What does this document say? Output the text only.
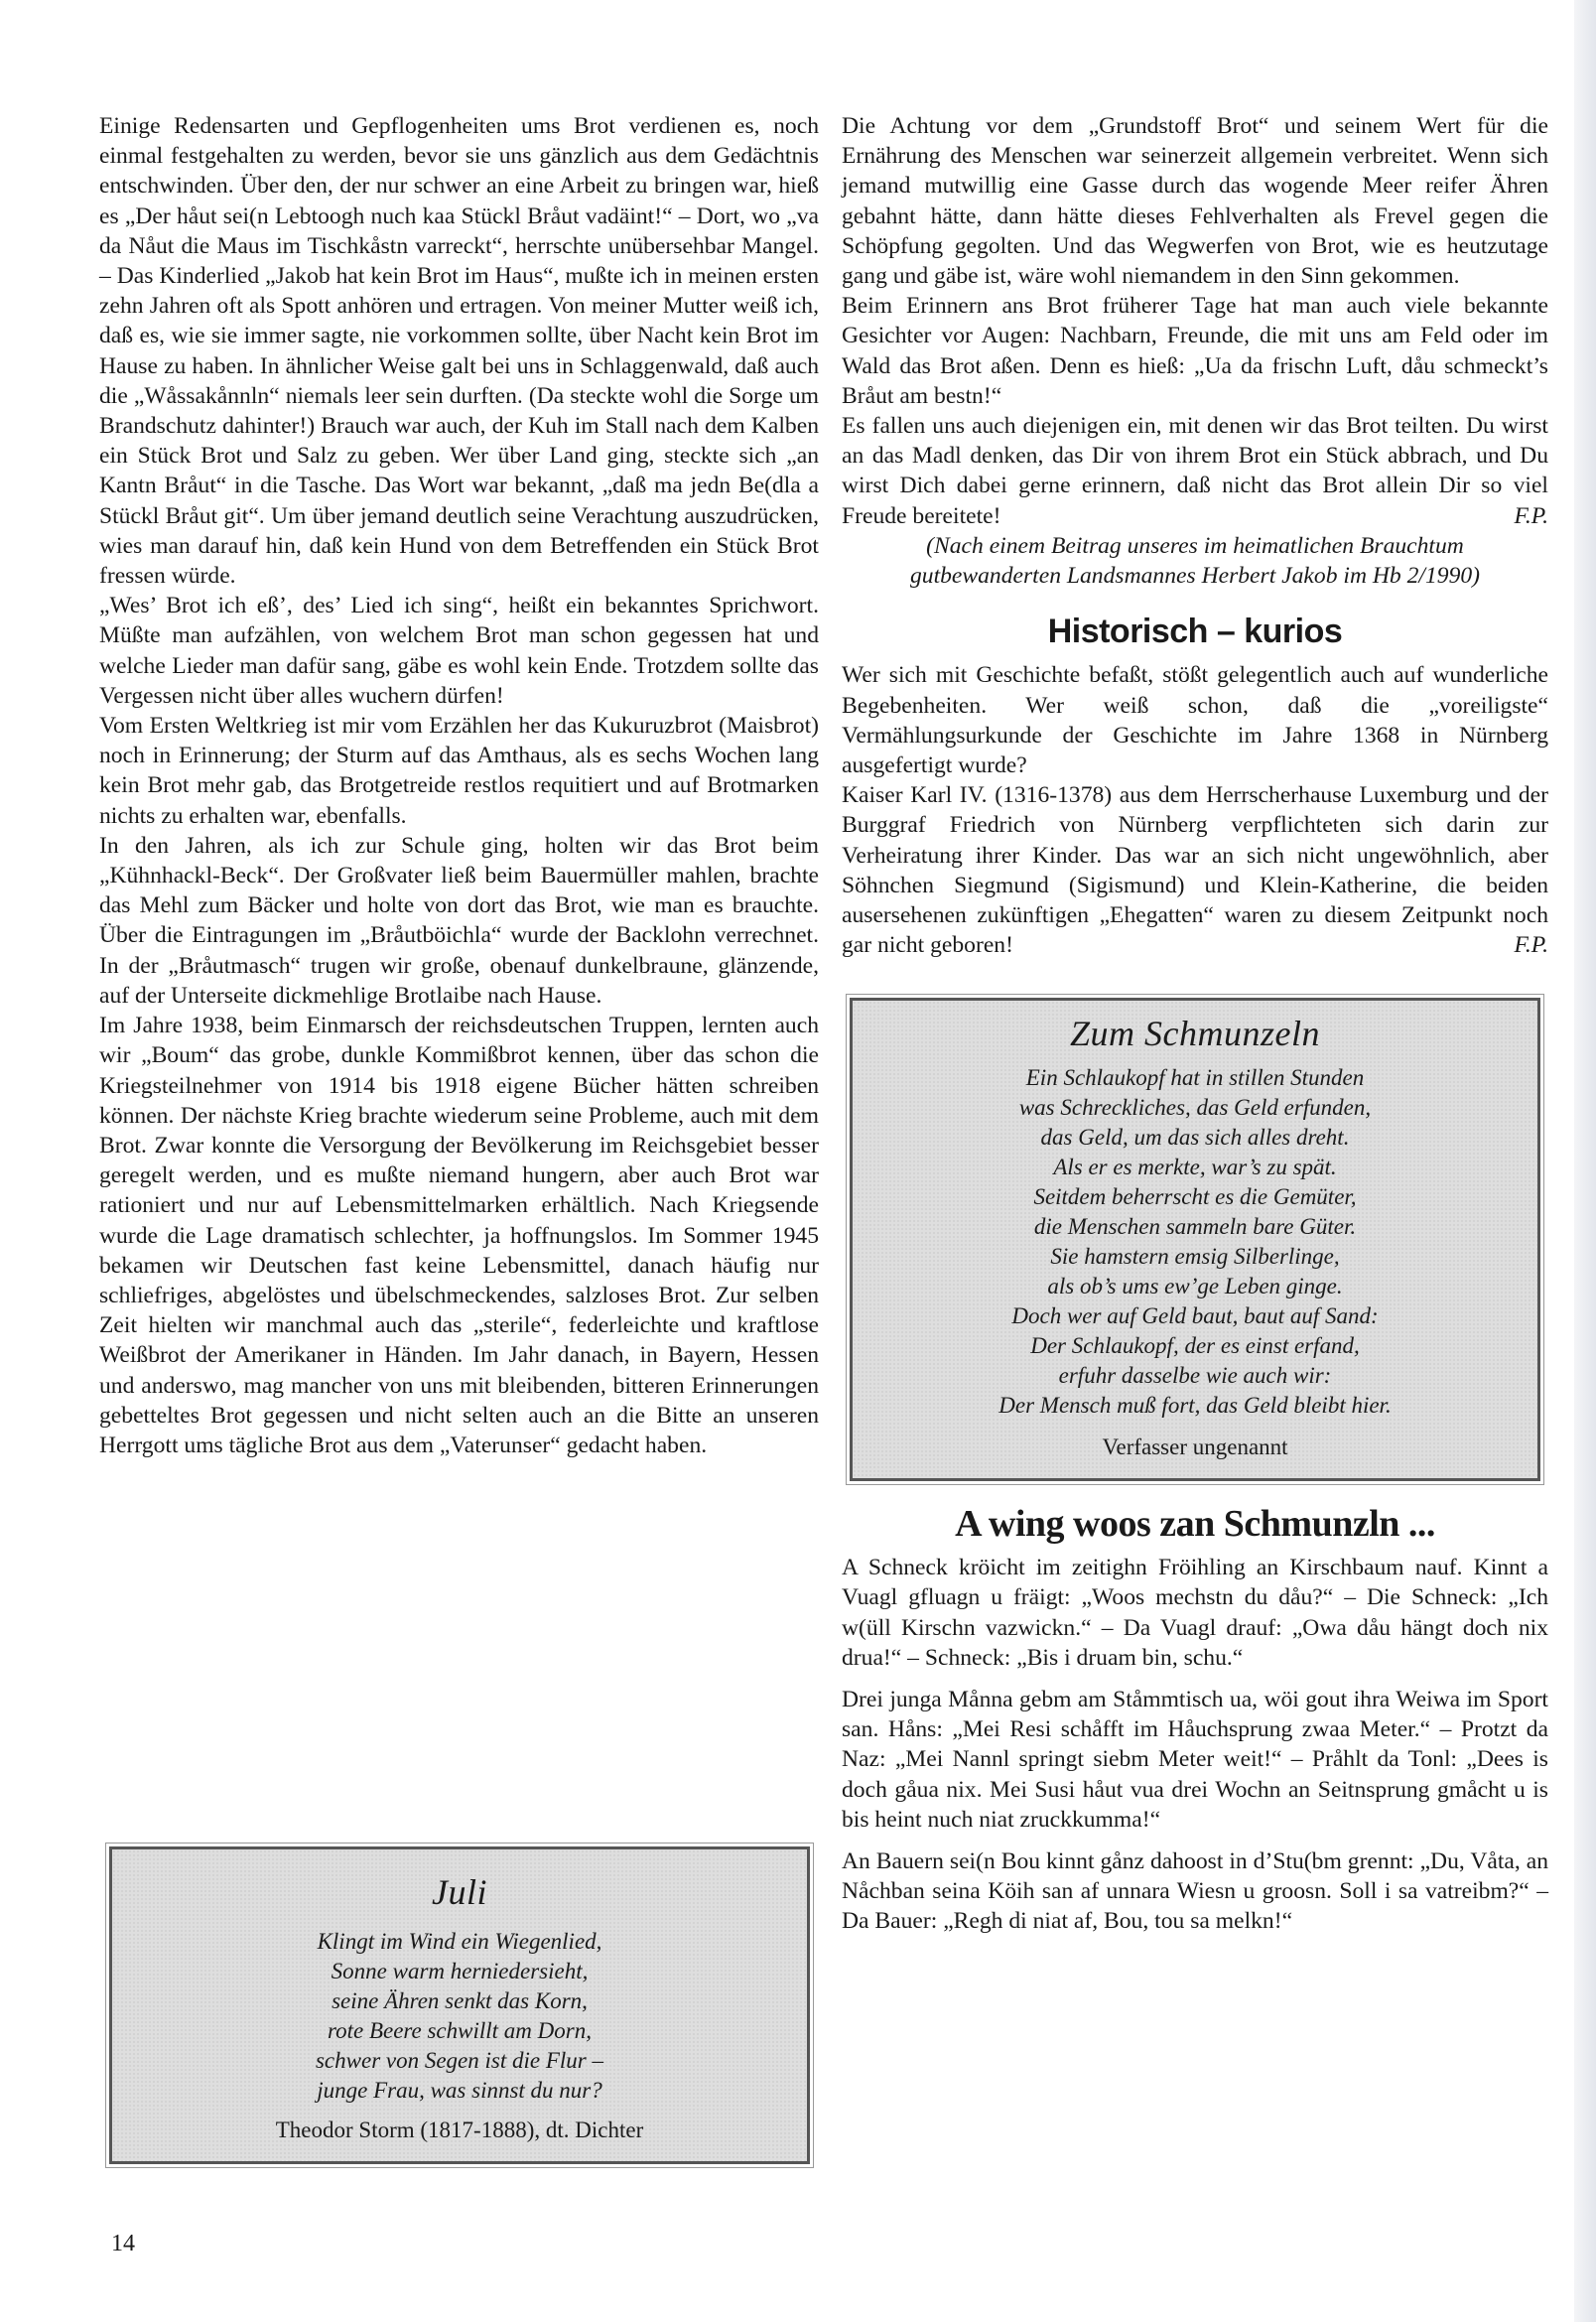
Einige Redensarten und Gepflogenheiten ums Brot verdienen es, noch einmal festgehalten zu werden, bevor sie uns gänzlich aus dem Gedächtnis entschwinden. Über den, der nur schwer an eine Arbeit zu bringen war, hieß es „Der håut sei(n Lebtoogh nuch kaa Stückl Bråut vadäint!“ – Dort, wo „va da Nåut die Maus im Tischkåstn varreckt“, herrschte unübersehbar Mangel. – Das Kinderlied „Jakob hat kein Brot im Haus“, mußte ich in meinen ersten zehn Jahren oft als Spott anhören und ertragen. Von meiner Mutter weiß ich, daß es, wie sie immer sagte, nie vorkommen sollte, über Nacht kein Brot im Hause zu haben. In ähnlicher Weise galt bei uns in Schlaggenwald, daß auch die „Wåssakånnln“ niemals leer sein durften. (Da steckte wohl die Sorge um Brandschutz dahinter!) Brauch war auch, der Kuh im Stall nach dem Kalben ein Stück Brot und Salz zu geben. Wer über Land ging, steckte sich „an Kantn Bråut“ in die Tasche. Das Wort war bekannt, „daß ma jedn Be(dla a Stückl Bråut git“. Um über jemand deutlich seine Verachtung auszudrücken, wies man darauf hin, daß kein Hund von dem Betreffenden ein Stück Brot fressen würde.

„Wes’ Brot ich eß’, des’ Lied ich sing“, heißt ein bekanntes Sprichwort. Müßte man aufzählen, von welchem Brot man schon gegessen hat und welche Lieder man dafür sang, gäbe es wohl kein Ende. Trotzdem sollte das Vergessen nicht über alles wuchern dürfen!

Vom Ersten Weltkrieg ist mir vom Erzählen her das Kukuruzbrot (Maisbrot) noch in Erinnerung; der Sturm auf das Amthaus, als es sechs Wochen lang kein Brot mehr gab, das Brotgetreide restlos requitiert und auf Brotmarken nichts zu erhalten war, ebenfalls.

In den Jahren, als ich zur Schule ging, holten wir das Brot beim „Kühnhackl-Beck“. Der Großvater ließ beim Bauermüller mahlen, brachte das Mehl zum Bäcker und holte von dort das Brot, wie man es brauchte. Über die Eintragungen im „Bråutböichla“ wurde der Backlohn verrechnet. In der „Bråutmasch“ trugen wir große, obenauf dunkelbraune, glänzende, auf der Unterseite dickmehlige Brotlaibe nach Hause.

Im Jahre 1938, beim Einmarsch der reichsdeutschen Truppen, lernten auch wir „Boum“ das grobe, dunkle Kommißbrot kennen, über das schon die Kriegsteilnehmer von 1914 bis 1918 eigene Bücher hätten schreiben können. Der nächste Krieg brachte wiederum seine Probleme, auch mit dem Brot. Zwar konnte die Versorgung der Bevölkerung im Reichsgebiet besser geregelt werden, und es mußte niemand hungern, aber auch Brot war rationiert und nur auf Lebensmittelmarken erhältlich. Nach Kriegsende wurde die Lage dramatisch schlechter, ja hoffnungslos. Im Sommer 1945 bekamen wir Deutschen fast keine Lebensmittel, danach häufig nur schliefriges, abgelöstes und übelschmeckendes, salzloses Brot. Zur selben Zeit hielten wir manchmal auch das „sterile“, federleichte und kraftlose Weißbrot der Amerikaner in Händen. Im Jahr danach, in Bayern, Hessen und anderswo, mag mancher von uns mit bleibenden, bitteren Erinnerungen gebetteltes Brot gegessen und nicht selten auch an die Bitte an unseren Herrgott ums tägliche Brot aus dem „Vaterunser“ gedacht haben.

Juli
Klingt im Wind ein Wiegenlied,
Sonne warm herniedersieht,
seine Ähren senkt das Korn,
rote Beere schwillt am Dorn,
schwer von Segen ist die Flur –
junge Frau, was sinnst du nur?
Theodor Storm (1817-1888), dt. Dichter

Die Achtung vor dem „Grundstoff Brot“ und seinem Wert für die Ernährung des Menschen war seinerzeit allgemein verbreitet. Wenn sich jemand mutwillig eine Gasse durch das wogende Meer reifer Ähren gebahnt hätte, dann hätte dieses Fehlverhalten als Frevel gegen die Schöpfung gegolten. Und das Wegwerfen von Brot, wie es heutzutage gang und gäbe ist, wäre wohl niemandem in den Sinn gekommen.

Beim Erinnern ans Brot früherer Tage hat man auch viele bekannte Gesichter vor Augen: Nachbarn, Freunde, die mit uns am Feld oder im Wald das Brot aßen. Denn es hieß: „Ua da frischn Luft, dåu schmeckt’s Bråut am bestn!“

Es fallen uns auch diejenigen ein, mit denen wir das Brot teilten. Du wirst an das Madl denken, das Dir von ihrem Brot ein Stück abbrach, und Du wirst Dich dabei gerne erinnern, daß nicht das Brot allein Dir so viel Freude bereitete!	F.P.

(Nach einem Beitrag unseres im heimatlichen Brauchtum

gutbewanderten Landsmannes Herbert Jakob im Hb 2/1990)

Historisch – kurios

Wer sich mit Geschichte befaßt, stößt gelegentlich auch auf wunderliche Begebenheiten. Wer weiß schon, daß die „voreiligste“ Vermählungsurkunde der Geschichte im Jahre 1368 in Nürnberg ausgefertigt wurde?

Kaiser Karl IV. (1316-1378) aus dem Herrscherhause Luxemburg und der Burggraf Friedrich von Nürnberg verpflichteten sich darin zur Verheiratung ihrer Kinder. Das war an sich nicht ungewöhnlich, aber Söhnchen Siegmund (Sigismund) und Klein-Katherine, die beiden ausersehenen zukünftigen „Ehegatten“ waren zu diesem Zeitpunkt noch gar nicht geboren!	F.P.

Zum Schmunzeln
Ein Schlaukopf hat in stillen Stunden
was Schreckliches, das Geld erfunden,
das Geld, um das sich alles dreht.
Als er es merkte, war’s zu spät.
Seitdem beherrscht es die Gemüter,
die Menschen sammeln bare Güter.
Sie hamstern emsig Silberlinge,
als ob’s ums ew’ge Leben ginge.
Doch wer auf Geld baut, baut auf Sand:
Der Schlaukopf, der es einst erfand,
erfuhr dasselbe wie auch wir:
Der Mensch muß fort, das Geld bleibt hier.
Verfasser ungenannt
A wing woos zan Schmunzln ...

A Schneck kröicht im zeitighn Fröihling an Kirschbaum nauf. Kinnt a Vuagl gfluagn u fräigt: „Woos mechstn du dåu?“ – Die Schneck: „Ich w(üll Kirschn vazwickn.“ – Da Vuagl drauf: „Owa dåu hängt doch nix drua!“ – Schneck: „Bis i druam bin, schu.“

Drei junga Månna gebm am Ståmmtisch ua, wöi gout ihra Weiwa im Sport san. Håns: „Mei Resi schåfft im Håuchsprung zwaa Meter.“ – Protzt da Naz: „Mei Nannl springt siebm Meter weit!“ – Pråhlt da Tonl: „Dees is doch gåua nix. Mei Susi håut vua drei Wochn an Seitnsprung gmåcht u is bis heint nuch niat zruckkumma!“

An Bauern sei(n Bou kinnt gånz dahoost in d’Stu(bm grennt: „Du, Våta, an Nåchban seina Köih san af unnara Wiesn u groosn. Soll i sa vatreibm?“ – Da Bauer: „Regh di niat af, Bou, tou sa melkn!“

14
